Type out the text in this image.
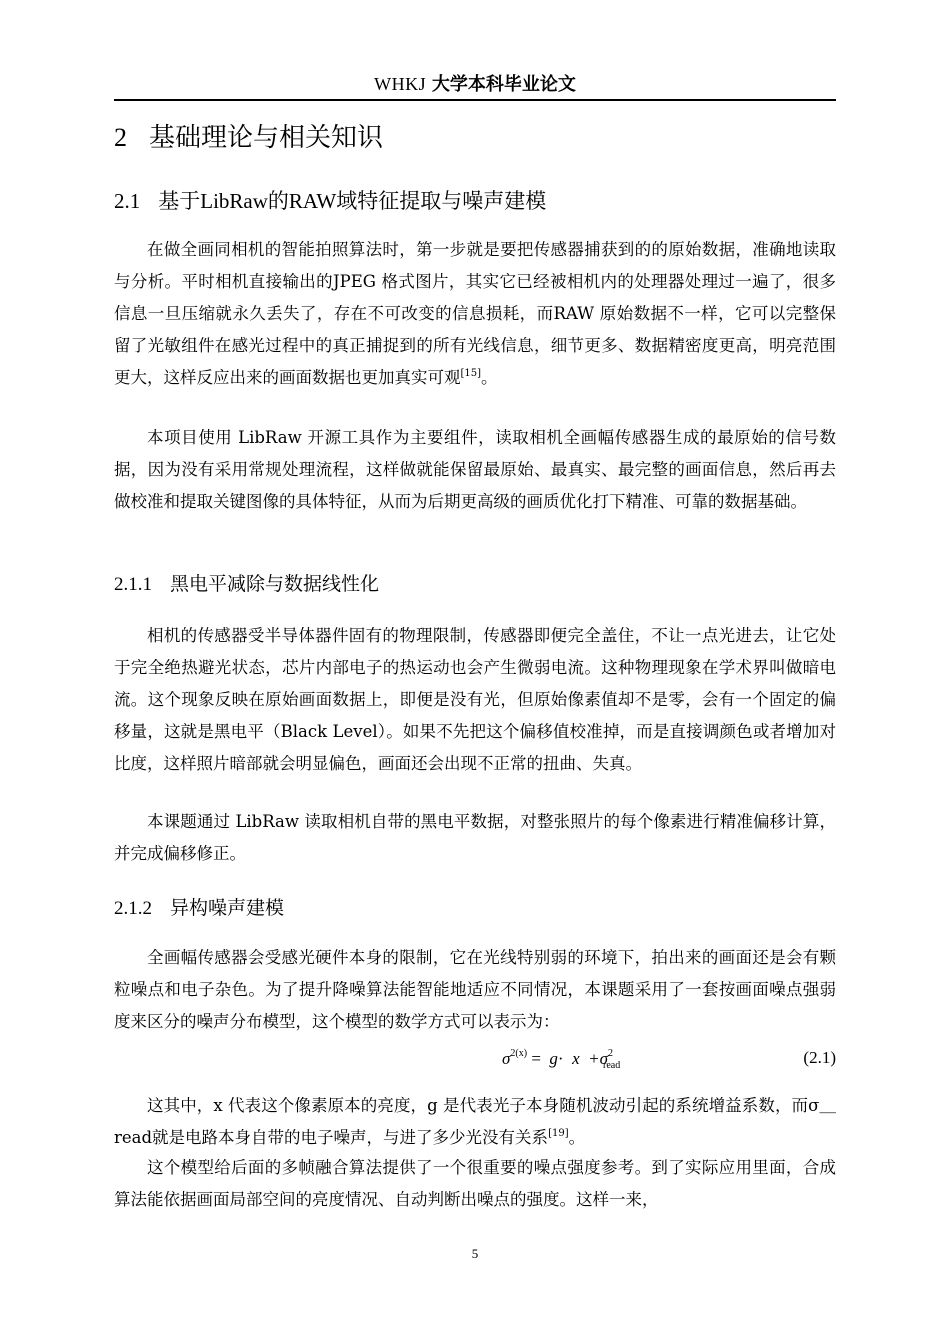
WHKJ 大学本科毕业论文
2 基础理论与相关知识
2.1 基于LibRaw的RAW域特征提取与噪声建模

在做全画同相机的智能拍照算法时，第一步就是要把传感器捕获到的的原始数据，准确地读取与分析。平时相机直接输出的JPEG 格式图片，其实它已经被相机内的处理器处理过一遍了，很多信息一旦压缩就永久丢失了，存在不可改变的信息损耗，而RAW 原始数据不一样，它可以完整保留了光敏组件在感光过程中的真正捕捉到的所有光线信息，细节更多、数据精密度更高，明亮范围更大，这样反应出来的画面数据也更加真实可观[15]。

本项目使用 LibRaw 开源工具作为主要组件，读取相机全画幅传感器生成的最原始的信号数据，因为没有采用常规处理流程，这样做就能保留最原始、最真实、最完整的画面信息，然后再去做校准和提取关键图像的具体特征，从而为后期更高级的画质优化打下精准、可靠的数据基础。

2.1.1 黑电平减除与数据线性化

相机的传感器受半导体器件固有的物理限制，传感器即便完全盖住，不让一点光进去，让它处于完全绝热避光状态，芯片内部电子的热运动也会产生微弱电流。这种物理现象在学术界叫做暗电流。这个现象反映在原始画面数据上，即便是没有光，但原始像素值却不是零，会有一个固定的偏移量，这就是黑电平（Black Level）。如果不先把这个偏移值校准掉，而是直接调颜色或者增加对比度，这样照片暗部就会明显偏色，画面还会出现不正常的扭曲、失真。

本课题通过 LibRaw 读取相机自带的黑电平数据，对整张照片的每个像素进行精准偏移计算，并完成偏移修正。

2.1.2 异构噪声建模

全画幅传感器会受感光硬件本身的限制，它在光线特别弱的环境下，拍出来的画面还是会有颗粒噪点和电子杂色。为了提升降噪算法能智能地适应不同情况，本课题采用了一套按画面噪点强弱度来区分的噪声分布模型，这个模型的数学方式可以表示为：

$\sigma^{2(x)} = g\cdot x +\sigma^2_{read}$	(2.1)

这其中，x 代表这个像素原本的亮度，g 是代表光子本身随机波动引起的系统增益系数，而σ＿read就是电路本身自带的电子噪声，与进了多少光没有关系[19]。

这个模型给后面的多帧融合算法提供了一个很重要的噪点强度参考。到了实际应用里面，合成算法能依据画面局部空间的亮度情况、自动判断出噪点的强度。这样一来，

5
